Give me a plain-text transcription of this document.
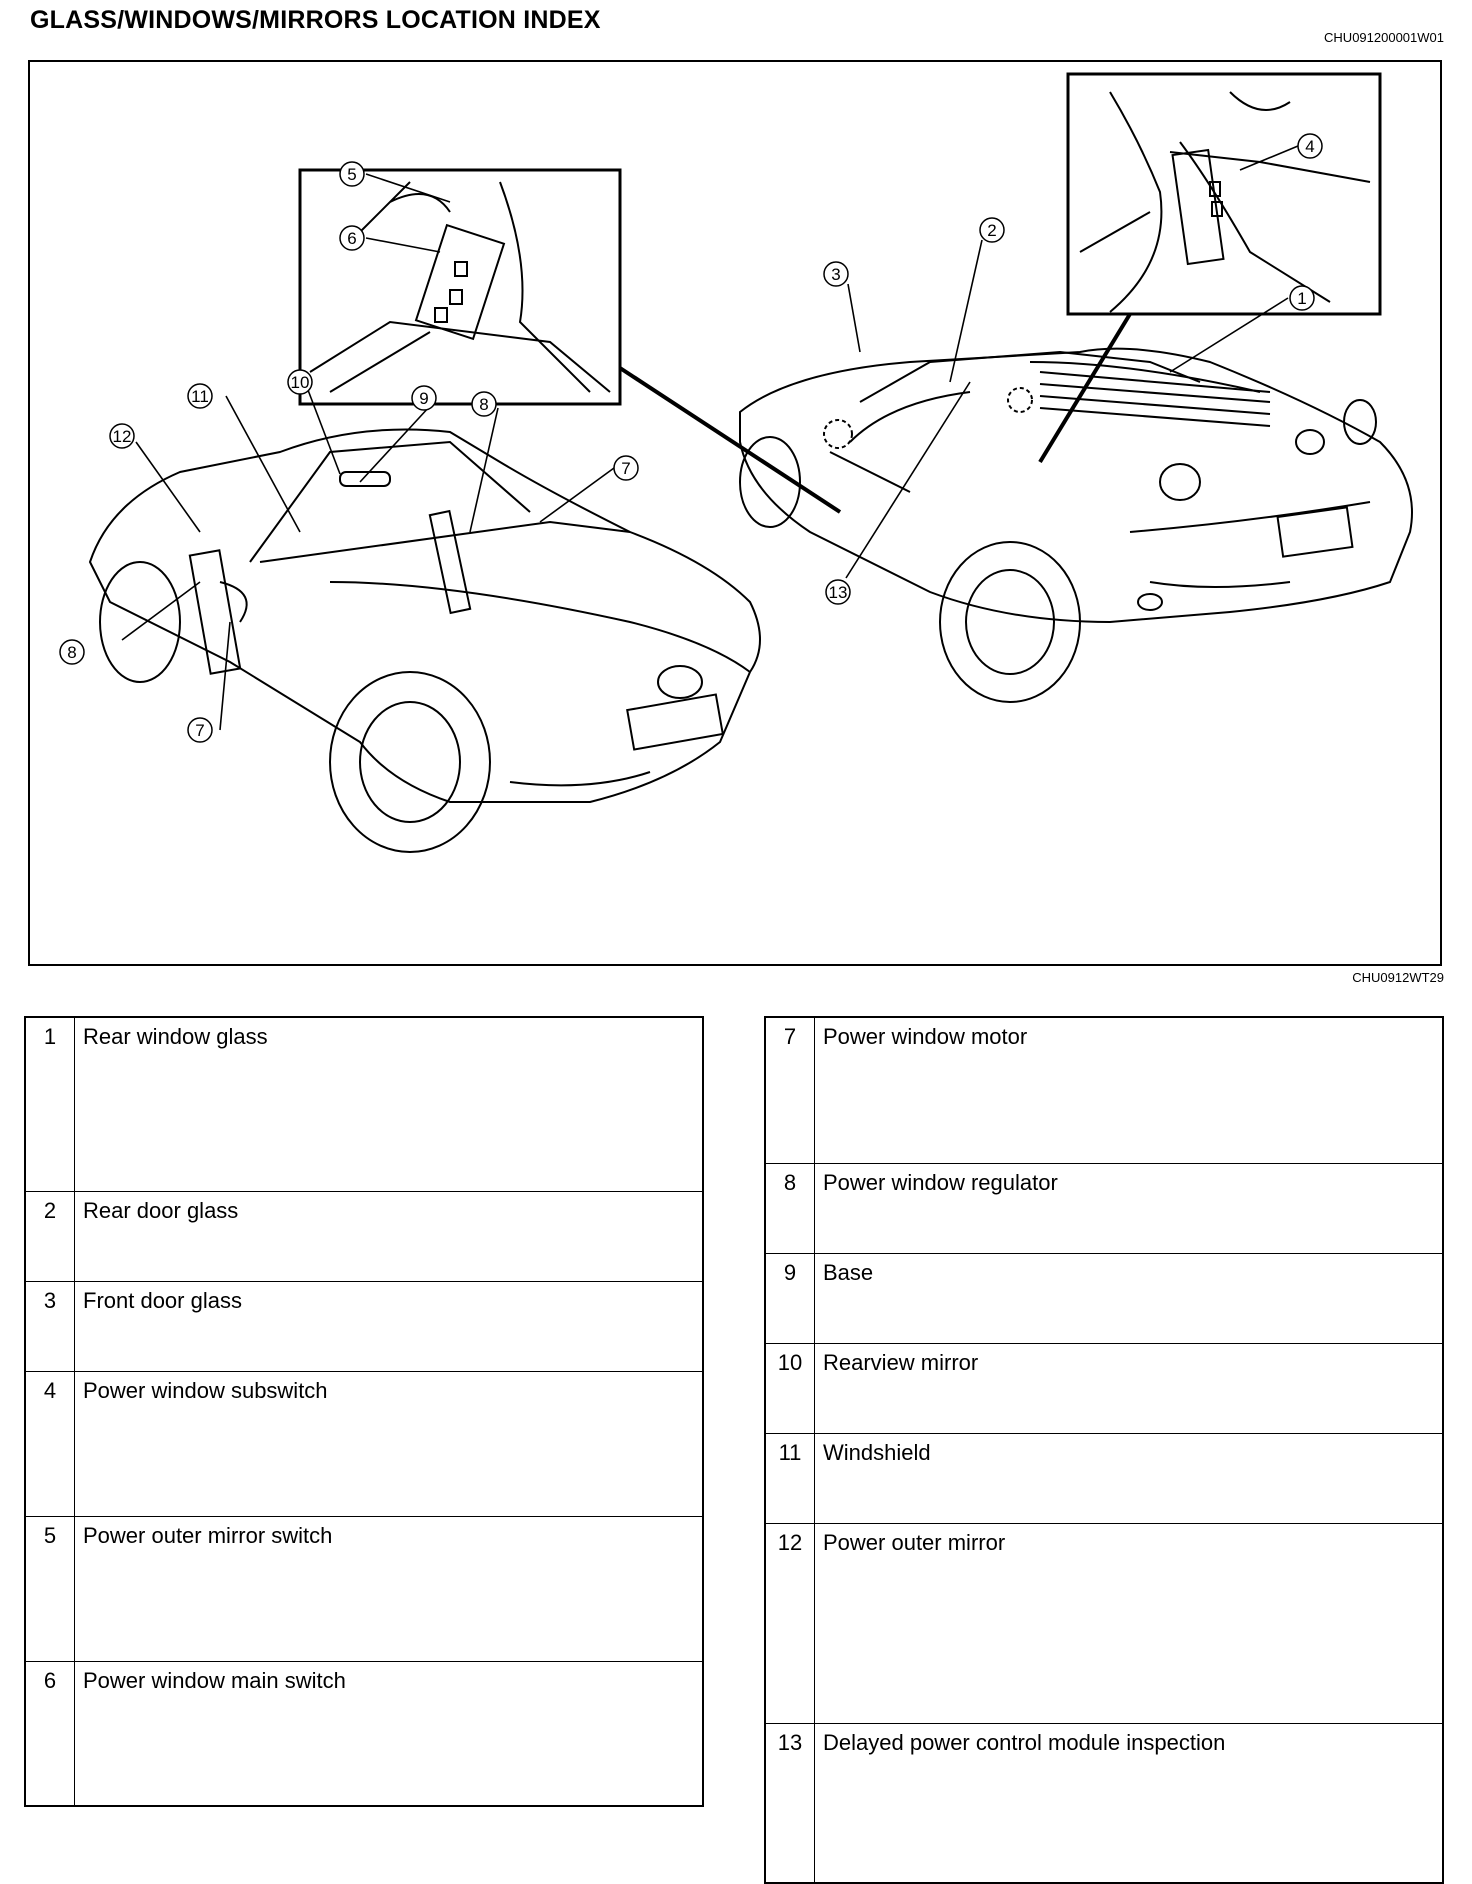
GLASS/WINDOWS/MIRRORS LOCATION INDEX
CHU091200001W01
1
2
3
4
5
6
7
7
8
8
9
10
11
12
13
CHU0912WT29
1	Rear window glass
2	Rear door glass
3	Front door glass
4	Power window subswitch
5	Power outer mirror switch
6	Power window main switch
7	Power window motor
8	Power window regulator
9	Base
10	Rearview mirror
11	Windshield
12	Power outer mirror
13	Delayed power control module inspection
